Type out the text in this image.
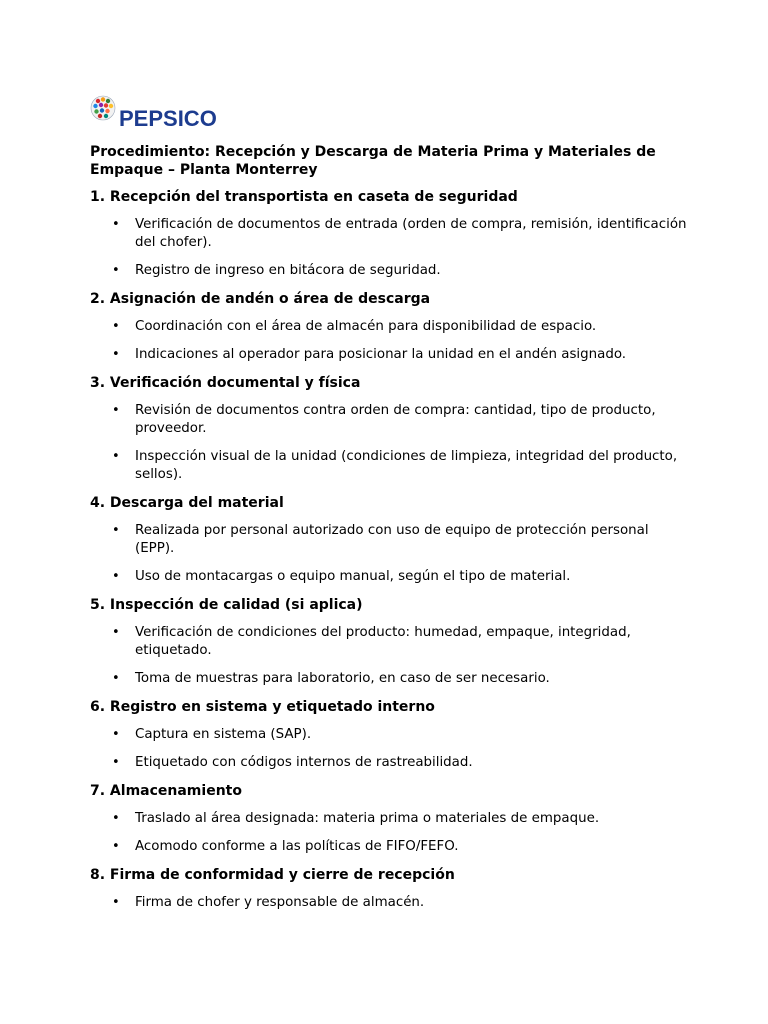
PEPSICO
Procedimiento: Recepción y Descarga de Materia Prima y Materiales de Empaque – Planta Monterrey
1. Recepción del transportista en caseta de seguridad
• Verificación de documentos de entrada (orden de compra, remisión, identificación del chofer).
• Registro de ingreso en bitácora de seguridad.
2. Asignación de andén o área de descarga
• Coordinación con el área de almacén para disponibilidad de espacio.
• Indicaciones al operador para posicionar la unidad en el andén asignado.
3. Verificación documental y física
• Revisión de documentos contra orden de compra: cantidad, tipo de producto, proveedor.
• Inspección visual de la unidad (condiciones de limpieza, integridad del producto, sellos).
4. Descarga del material
• Realizada por personal autorizado con uso de equipo de protección personal (EPP).
• Uso de montacargas o equipo manual, según el tipo de material.
5. Inspección de calidad (si aplica)
• Verificación de condiciones del producto: humedad, empaque, integridad, etiquetado.
• Toma de muestras para laboratorio, en caso de ser necesario.
6. Registro en sistema y etiquetado interno
• Captura en sistema (SAP).
• Etiquetado con códigos internos de rastreabilidad.
7. Almacenamiento
• Traslado al área designada: materia prima o materiales de empaque.
• Acomodo conforme a las políticas de FIFO/FEFO.
8. Firma de conformidad y cierre de recepción
• Firma de chofer y responsable de almacén.
